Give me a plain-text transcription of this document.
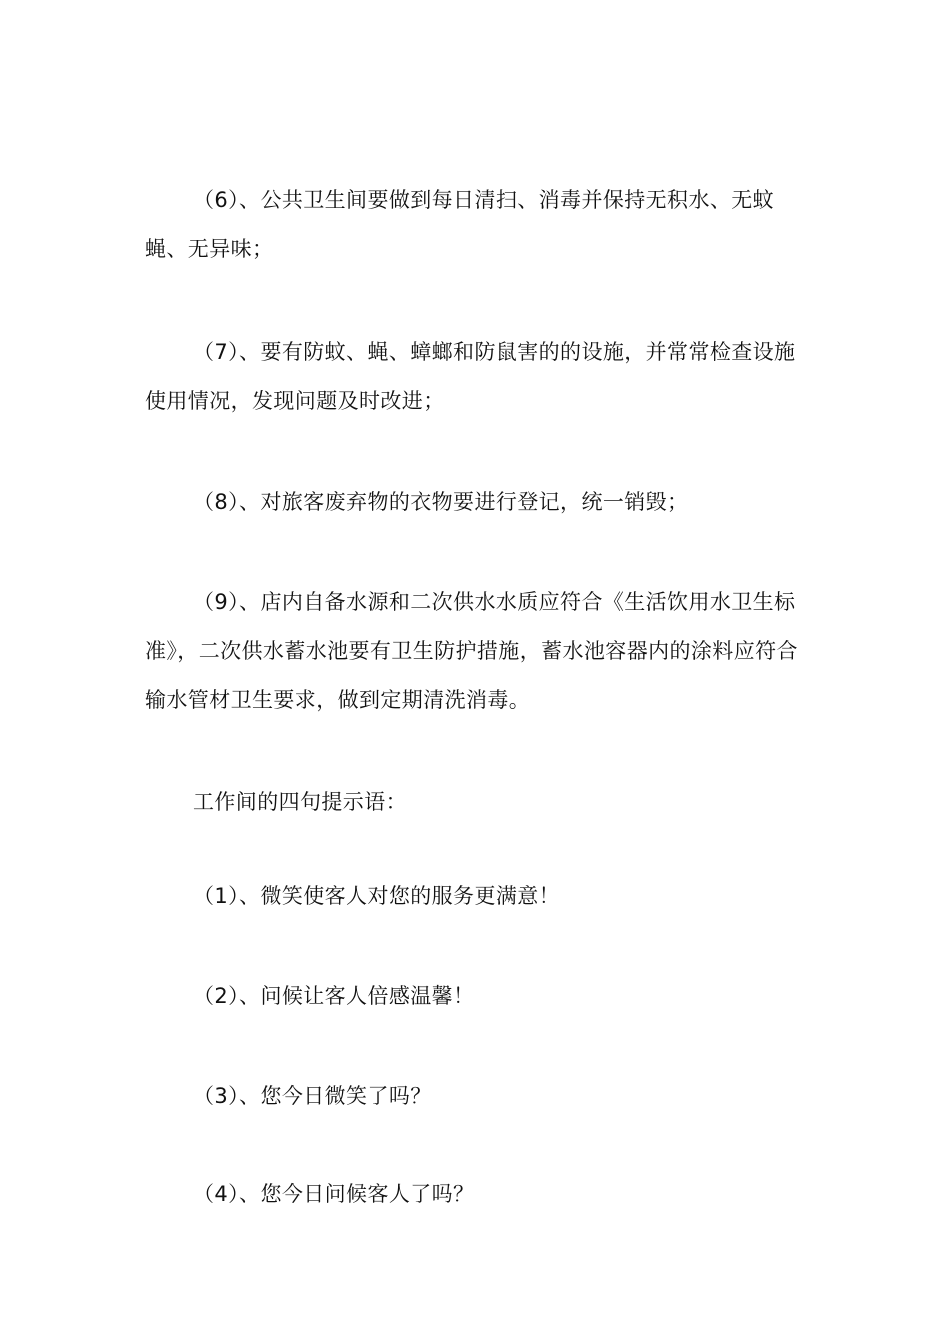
（6）、公共卫生间要做到每日清扫、消毒并保持无积水、无蚊蝇、无异味；

（7）、要有防蚊、蝇、蟑螂和防鼠害的的设施，并常常检查设施使用情况，发现问题及时改进；

（8）、对旅客废弃物的衣物要进行登记，统一销毁；

（9）、店内自备水源和二次供水水质应符合《生活饮用水卫生标准》，二次供水蓄水池要有卫生防护措施，蓄水池容器内的涂料应符合输水管材卫生要求，做到定期清洗消毒。

工作间的四句提示语：

（1）、微笑使客人对您的服务更满意！

（2）、问候让客人倍感温馨！

（3）、您今日微笑了吗？

（4）、您今日问候客人了吗？
